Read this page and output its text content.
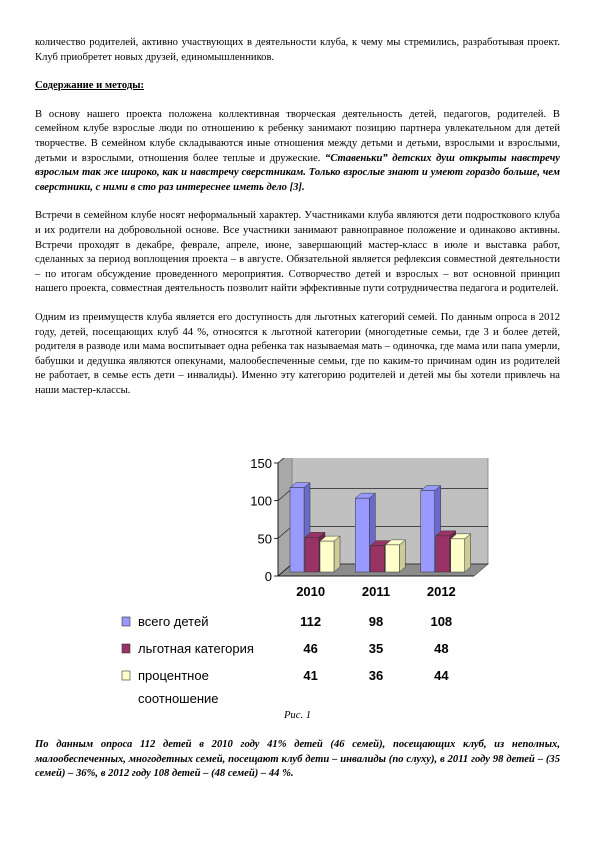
количество родителей, активно участвующих в деятельности клуба, к чему мы стремились, разработывая проект. Клуб приобретет новых друзей, единомышленников.

Содержание и методы:

В основу нашего проекта положена коллективная творческая деятельность детей, педагогов, родителей. В семейном клубе взрослые люди по отношению к ребенку занимают позицию партнера увлекательном для детей творчестве. В семейном клубе складываются иные отношения между детьми и детьми, взрослыми и взрослыми, детьми и взрослыми, отношения более теплые и дружеские. “Ставеньки” детских душ открыты навстречу взрослым так же широко, как и навстречу сверстникам. Только взрослые знают и умеют гораздо больше, чем сверстники, с ними в сто раз интереснее иметь дело [3].

Встречи в семейном клубе носят неформальный характер. Участниками клуба являются дети подросткового клуба и их родители на добровольной основе. Все участники занимают равноправное положение и одинаково активны. Встречи проходят в декабре, феврале, апреле, июне, завершающий мастер-класс в июле и выставка работ, сделанных за период воплощения проекта – в августе. Обязательной является рефлексия совместной деятельности – по итогам обсуждение проведенного мероприятия. Сотворчество детей и взрослых – вот основной принцип нашего проекта, совместная деятельность позволит найти эффективные пути сотрудничества педагога и родителей.

Одним из преимуществ клуба является его доступность для льготных категорий семей. По данным опроса в 2012 году, детей, посещающих клуб 44 %, относятся к льготной категории (многодетные семьи, где 3 и более детей, родителя в разводе или мама воспитывает одна ребенка так называемая мать – одиночка, где мама или папа умерли, бабушки и дедушка являются опекунами, малообеспеченные семьи, где по каким-то причинам один из родителей не работает, в семье есть дети – инвалиды). Именно эту категорию родителей и детей мы бы хотели привлечь на наши мастер-классы.

0
50
100
150
2010	2011	2012
всего детей	112	98	108
льготная категория	46	35	48
процентное
соотношение
41	36	44
Рис. 1
По данным опроса 112 детей в 2010 году 41% детей (46 семей), посещающих клуб, из неполных, малообеспеченных, многодетных семей, посещают клуб дети – инвалиды (по слуху), в 2011 году 98 детей – (35 семей) – 36%, в 2012 году 108 детей – (48 семей) – 44 %.
